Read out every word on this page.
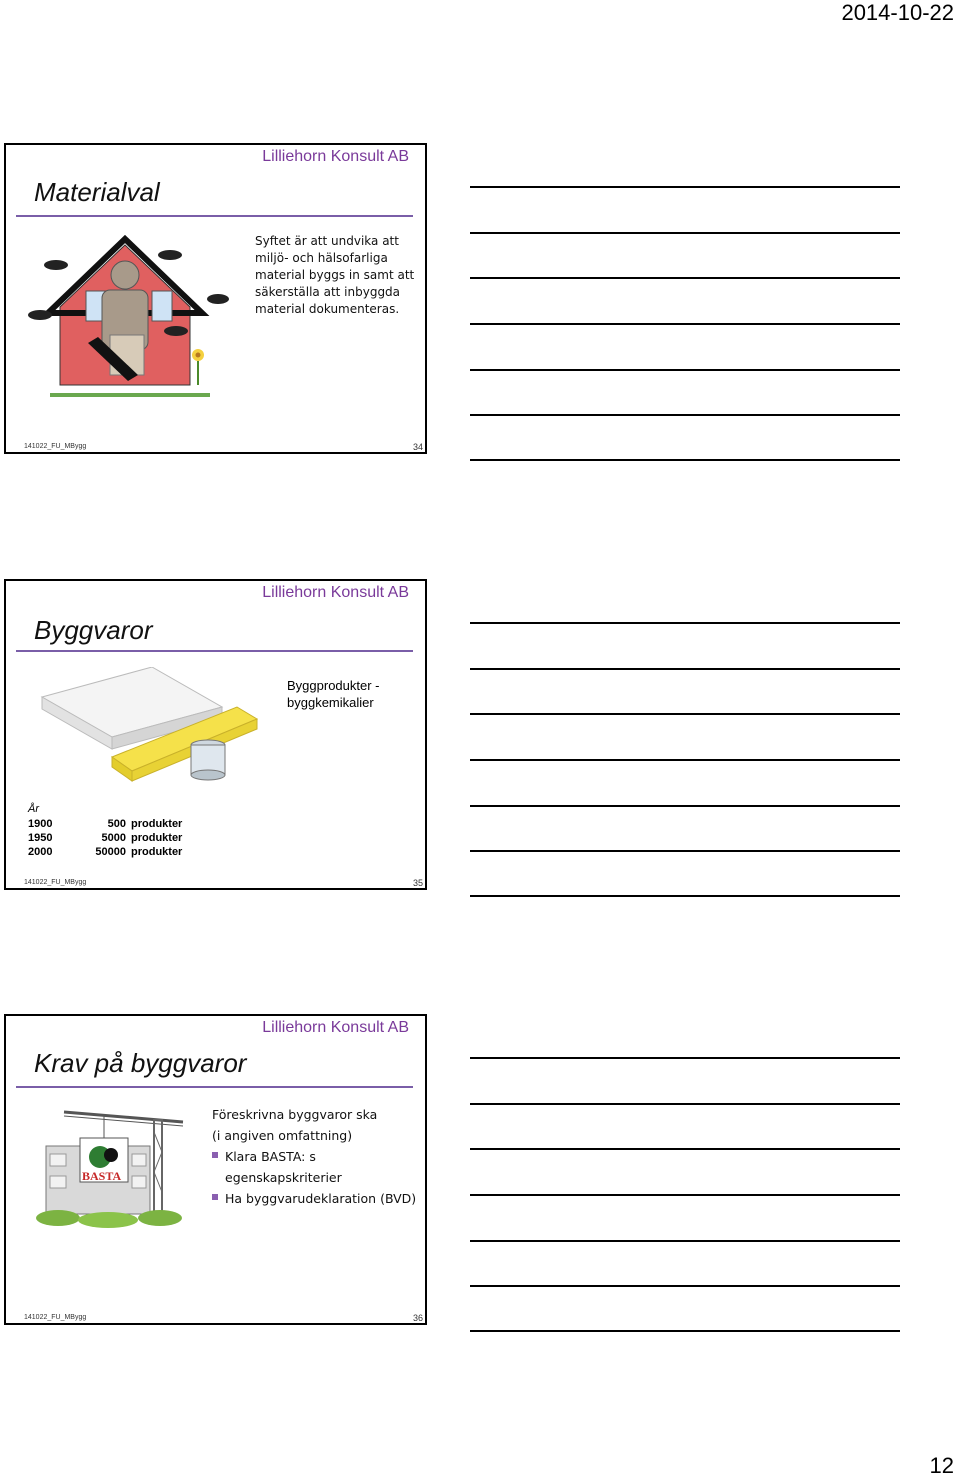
2014-10-22
Lilliehorn Konsult AB
Materialval
Syftet är att undvika att
miljö- och hälsofarliga
material byggs in samt att
säkerställa att inbyggda
material dokumenteras.
141022_FU_MBygg	34
Lilliehorn Konsult AB
Byggvaror
Byggprodukter -
byggkemikalier
År
1900	500 produkter
1950	5000 produkter
2000	50000 produkter
141022_FU_MBygg	35
Lilliehorn Konsult AB
Krav på byggvaror
BASTA
Föreskrivna byggvaror ska
(i angiven omfattning)
Klara BASTA: s egenskapskriterier
Ha byggvarudeklaration (BVD)
141022_FU_MBygg	36
12
